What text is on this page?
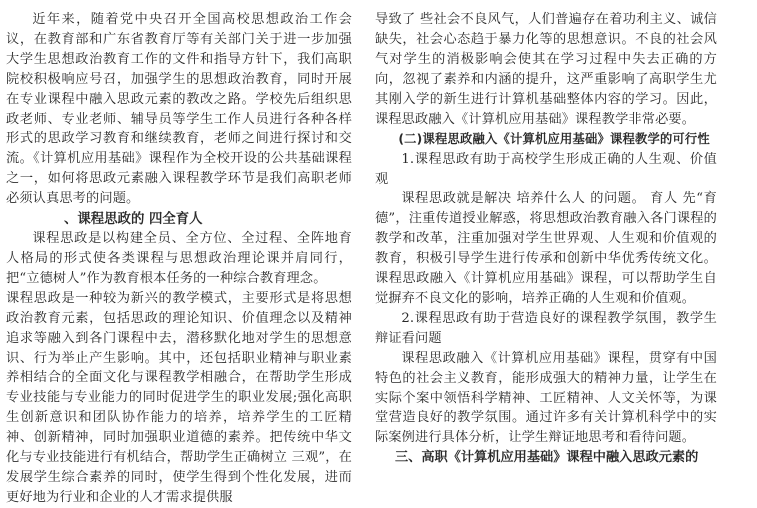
近年来，随着党中央召开全国高校思想政治工作会议，在教育部和广东省教育厅等有关部门关于进一步加强大学生思想政治教育工作的文件和指导方针下，我们高职院校积极响应号召，加强学生的思想政治教育，同时开展在专业课程中融入思政元素的教改之路。学校先后组织思政老师、专业老师、辅导员等学生工作人员进行各种各样形式的思政学习教育和继续教育，老师之间进行探讨和交流。《计算机应用基础》课程作为全校开设的公共基础课程之一，如何将思政元素融入课程教学环节是我们高职老师必须认真思考的问题。

、课程思政的 四全育人

课程思政是以构建全员、全方位、全过程、全阵地育人格局的形式使各类课程与思想政治理论课并肩同行，把“立德树人”作为教育根本任务的一种综合教育理念。

课程思政是一种较为新兴的教学模式，主要形式是将思想政治教育元素，包括思政的理论知识、价值理念以及精神追求等融入到各门课程中去，潜移默化地对学生的思想意识、行为举止产生影响。其中，还包括职业精神与职业素养相结合的全面文化与课程教学相融合，在帮助学生形成专业技能与专业能力的同时促进学生的职业发展;强化高职生创新意识和团队协作能力的培养，培养学生的工匠精神、创新精神，同时加强职业道德的素养。把传统中华文化与专业技能进行有机结合，帮助学生正确树立 三观”，在发展学生综合素养的同时，使学生得到个性化发展，进而更好地为行业和企业的人才需求提供服

导致了 些社会不良风气，人们普遍存在着功利主义、诚信缺失，社会心态趋于暴力化等的思想意识。不良的社会风气对学生的消极影响会使其在学习过程中失去正确的方向，忽视了素养和内涵的提升，这严重影响了高职学生尤其刚入学的新生进行计算机基础整体内容的学习。因此，课程思政融入《计算机应用基础》课程教学非常必要。

(二)课程思政融入《计算机应用基础》课程教学的可行性

1.课程思政有助于高校学生形成正确的人生观、价值观

课程思政就是解决 培养什么人 的问题。 育人 先“育德”，注重传道授业解惑，将思想政治教育融入各门课程的教学和改革，注重加强对学生世界观、人生观和价值观的教育，积极引导学生进行传承和创新中华优秀传统文化。课程思政融入《计算机应用基础》课程，可以帮助学生自觉摒弃不良文化的影响，培养正确的人生观和价值观。

2.课程思政有助于营造良好的课程教学氛围，教学生辩证看问题

课程思政融入《计算机应用基础》课程，贯穿有中国特色的社会主义教育，能形成强大的精神力量，让学生在实际个案中领悟科学精神、工匠精神、人文关怀等，为课堂营造良好的教学氛围。通过许多有关计算机科学中的实际案例进行具体分析，让学生辩证地思考和看待问题。

三、高职《计算机应用基础》课程中融入思政元素的
